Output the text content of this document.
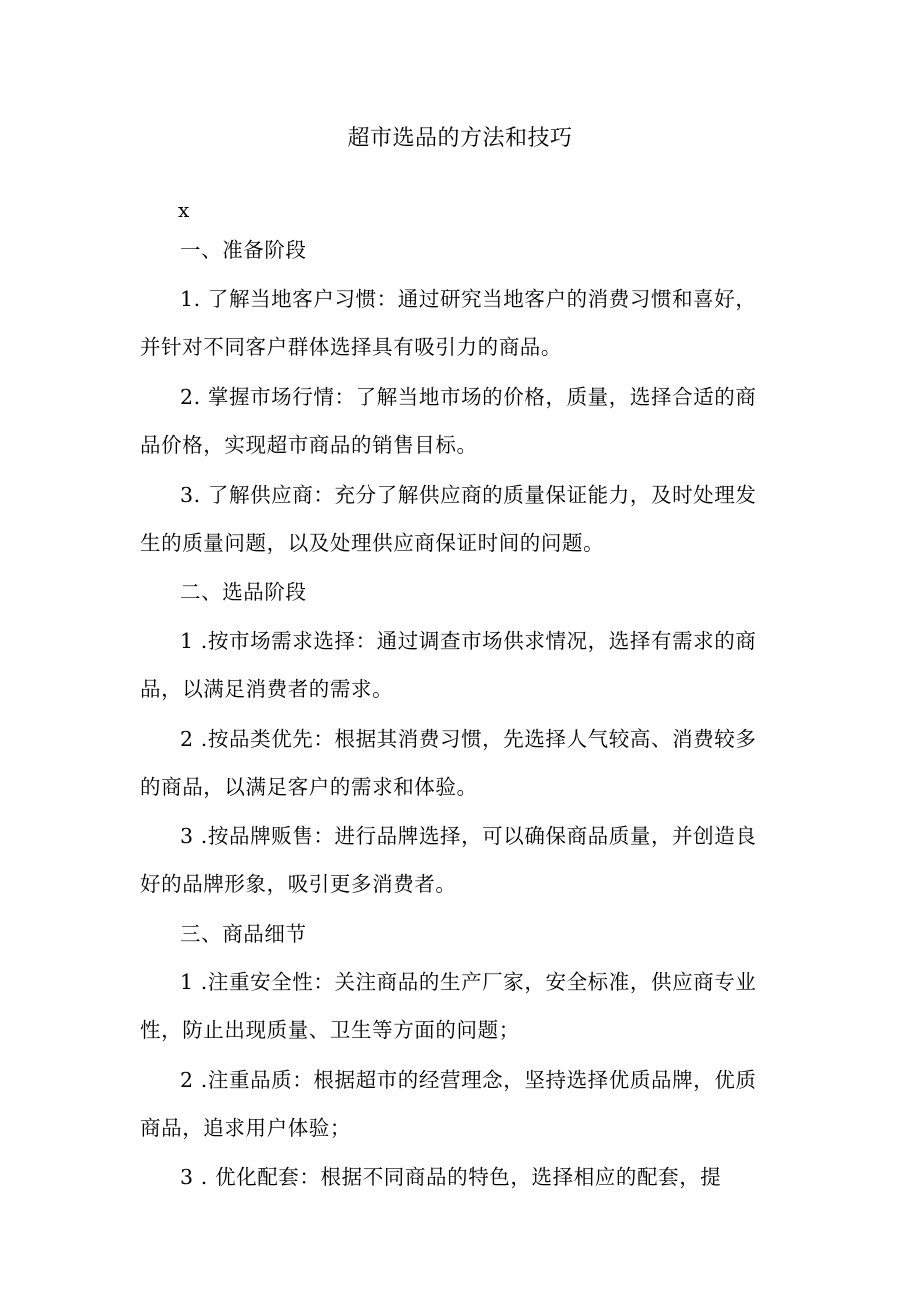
超市选品的方法和技巧
x

一、准备阶段

1. 了解当地客户习惯：通过研究当地客户的消费习惯和喜好，

并针对不同客户群体选择具有吸引力的商品。

2. 掌握市场行情：了解当地市场的价格，质量，选择合适的商

品价格，实现超市商品的销售目标。

3. 了解供应商：充分了解供应商的质量保证能力，及时处理发

生的质量问题，以及处理供应商保证时间的问题。

二、选品阶段

1 .按市场需求选择：通过调查市场供求情况，选择有需求的商

品，以满足消费者的需求。

2 .按品类优先：根据其消费习惯，先选择人气较高、消费较多

的商品，以满足客户的需求和体验。

3 .按品牌贩售：进行品牌选择，可以确保商品质量，并创造良

好的品牌形象，吸引更多消费者。

三、商品细节

1 .注重安全性：关注商品的生产厂家，安全标准，供应商专业

性，防止出现质量、卫生等方面的问题；

2 .注重品质：根据超市的经营理念，坚持选择优质品牌，优质

商品，追求用户体验；

3 . 优化配套：根据不同商品的特色，选择相应的配套，提
